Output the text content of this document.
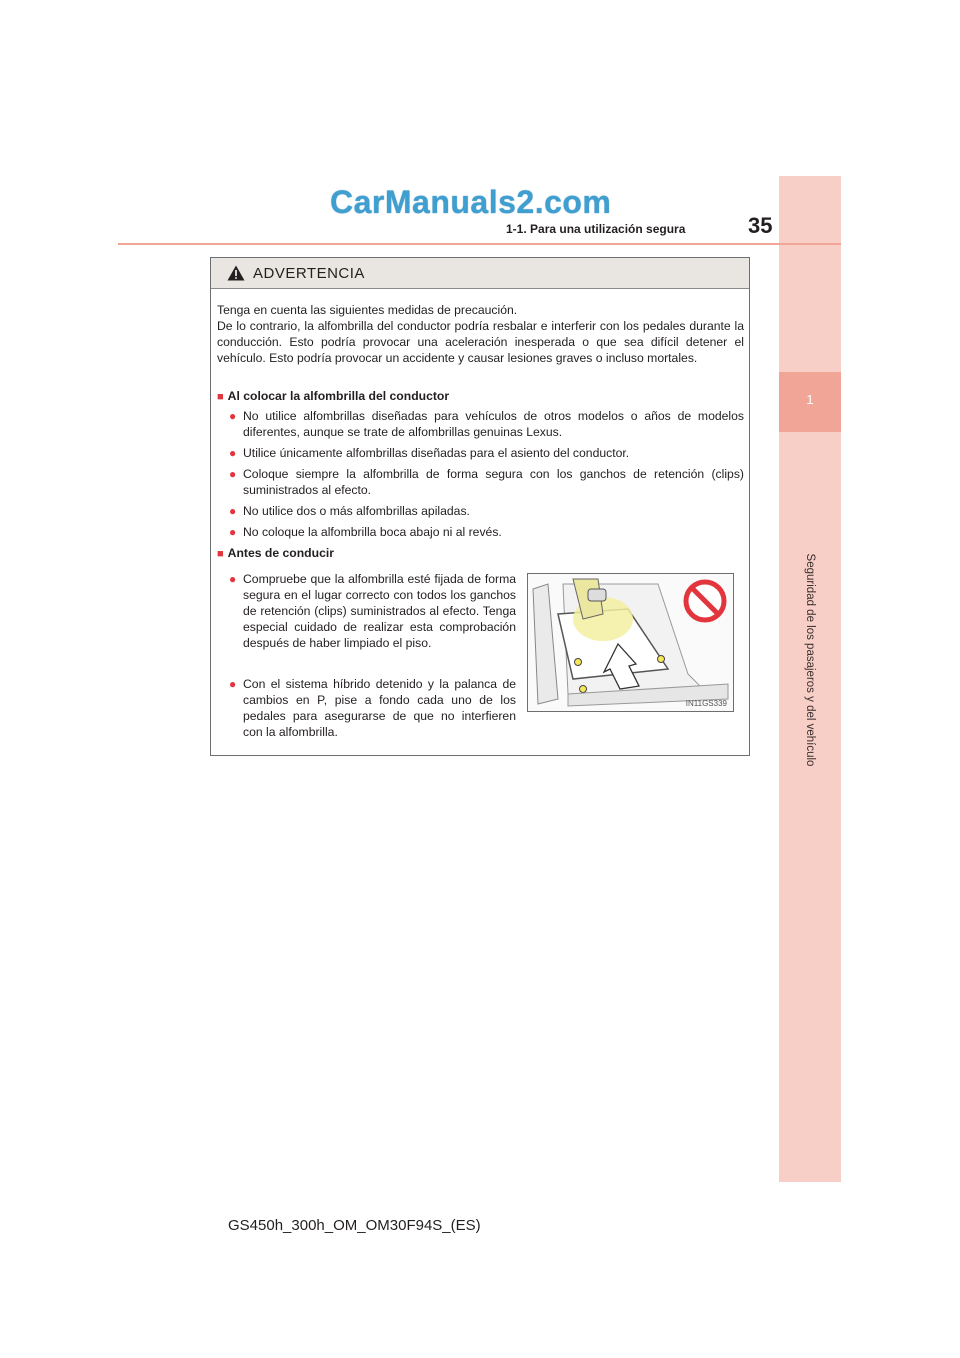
1
Seguridad de los pasajeros y del vehículo
CarManuals2.com
1-1. Para una utilización segura	35
ADVERTENCIA

Tenga en cuenta las siguientes medidas de precaución.

De lo contrario, la alfombrilla del conductor podría resbalar e interferir con los pedales durante la conducción. Esto podría provocar una aceleración inesperada o que sea difícil detener el vehículo. Esto podría provocar un accidente y causar lesiones graves o incluso mortales.

■ Al colocar la alfombrilla del conductor
● No utilice alfombrillas diseñadas para vehículos de otros modelos o años de modelos diferentes, aunque se trate de alfombrillas genuinas Lexus.
● Utilice únicamente alfombrillas diseñadas para el asiento del conductor.
● Coloque siempre la alfombrilla de forma segura con los ganchos de retención (clips) suministrados al efecto.
● No utilice dos o más alfombrillas apiladas.
● No coloque la alfombrilla boca abajo ni al revés.
■ Antes de conducir
● Compruebe que la alfombrilla esté fijada de forma segura en el lugar correcto con todos los ganchos de retención (clips) suministrados al efecto. Tenga especial cuidado de realizar esta comprobación después de haber limpiado el piso.
● Con el sistema híbrido detenido y la palanca de cambios en P, pise a fondo cada uno de los pedales para asegurarse de que no interfieren con la alfombrilla.
IN11GS339
GS450h_300h_OM_OM30F94S_(ES)
